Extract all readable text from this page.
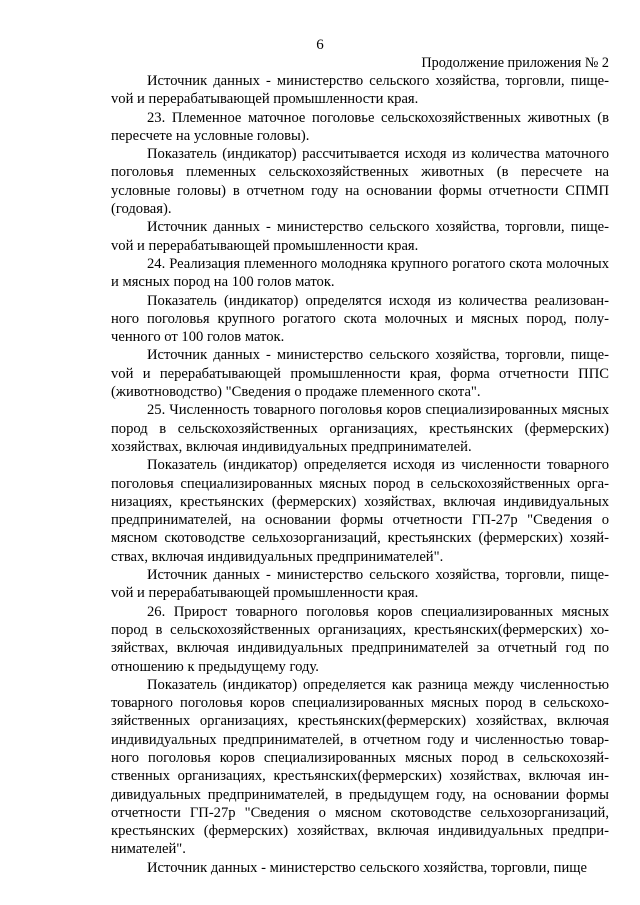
6
Продолжение приложения № 2

Источник данных - министерство сельского хозяйства, торговли, пищеvой и перерабатывающей промышленности края.

23. Племенное маточное поголовье сельскохозяйственных животных (в пересчете на условные головы).

Показатель (индикатор) рассчитывается исходя из количества маточного поголовья племенных сельскохозяйственных животных (в пересчете на условные головы) в отчетном году на основании формы отчетности СПМП (годовая).

Источник данных - министерство сельского хозяйства, торговли, пищеvой и перерабатывающей промышленности края.

24. Реализация племенного молодняка крупного рогатого скота молочных и мясных пород на 100 голов маток.

Показатель (индикатор) определятся исходя из количества реализованного поголовья крупного рогатого скота молочных и мясных пород, полученного от 100 голов маток.

Источник данных - министерство сельского хозяйства, торговли, пищеvой и перерабатывающей промышленности края, форма отчетности ППС (животноводство) "Сведения о продаже племенного скота".

25. Численность товарного поголовья коров специализированных мясных пород в сельскохозяйственных организациях, крестьянских (фермерских) хозяйствах, включая индивидуальных предпринимателей.

Показатель (индикатор) определяется исходя из численности товарного поголовья специализированных мясных пород в сельскохозяйственных организациях, крестьянских (фермерских) хозяйствах, включая индивидуальных предпринимателей, на основании формы отчетности ГП-27р "Сведения о мясном скотоводстве сельхозорганизаций, крестьянских (фермерских) хозяйствах, включая индивидуальных предпринимателей".

Источник данных - министерство сельского хозяйства, торговли, пищеvой и перерабатывающей промышленности края.

26. Прирост товарного поголовья коров специализированных мясных пород в сельскохозяйственных организациях, крестьянских(фермерских) хозяйствах, включая индивидуальных предпринимателей за отчетный год по отношению к предыдущему году.

Показатель (индикатор) определяется как разница между численностью товарного поголовья коров специализированных мясных пород в сельскохозяйственных организациях, крестьянских(фермерских) хозяйствах, включая индивидуальных предпринимателей, в отчетном году и численностью товарного поголовья коров специализированных мясных пород в сельскохозяйственных организациях, крестьянских(фермерских) хозяйствах, включая индивидуальных предпринимателей, в предыдущем году, на основании формы отчетности ГП-27р "Сведения о мясном скотоводстве сельхозорганизаций, крестьянских (фермерских) хозяйствах, включая индивидуальных предпринимателей".

Источник данных - министерство сельского хозяйства, торговли, пище
